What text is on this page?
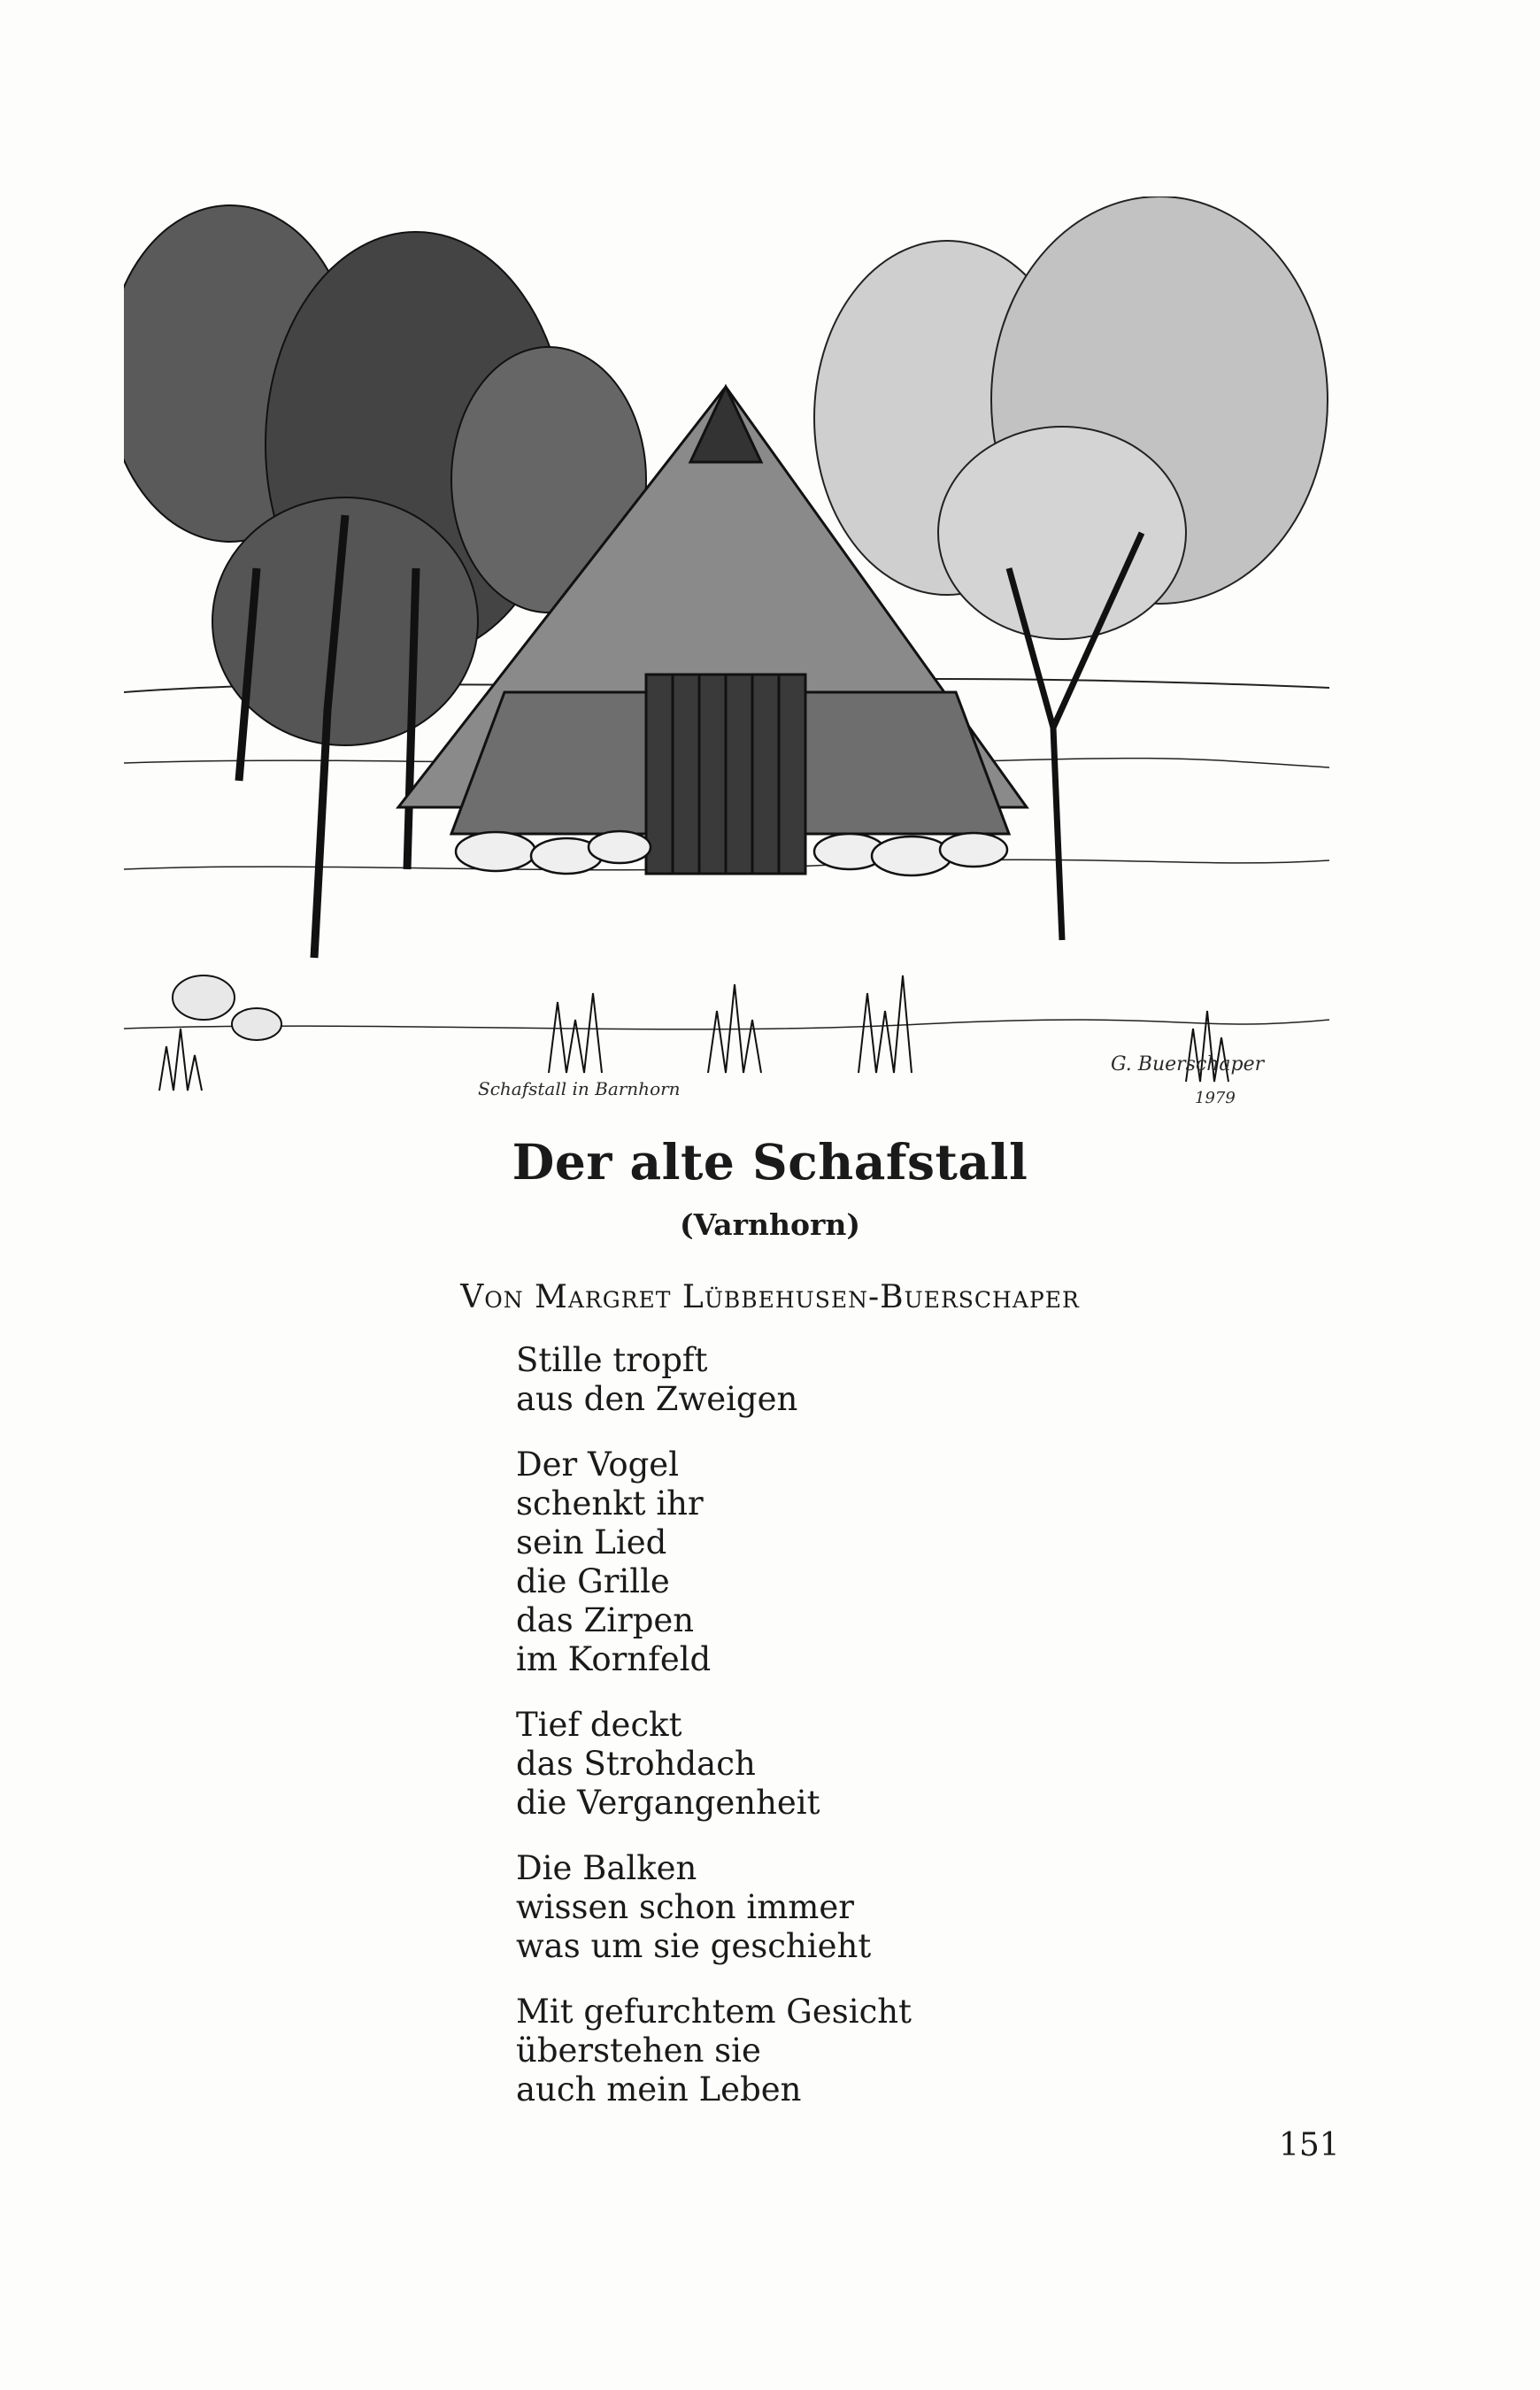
Schafstall in Barnhorn
G. Buerschaper
1979
Der alte Schafstall

(Varnhorn)

Von Margret Lübbehusen-Buerschaper

Stille tropft
aus den Zweigen
Der Vogel
schenkt ihr
sein Lied
die Grille
das Zirpen
im Kornfeld
Tief deckt
das Strohdach
die Vergangenheit
Die Balken
wissen schon immer
was um sie geschieht
Mit gefurchtem Gesicht
überstehen sie
auch mein Leben

151
